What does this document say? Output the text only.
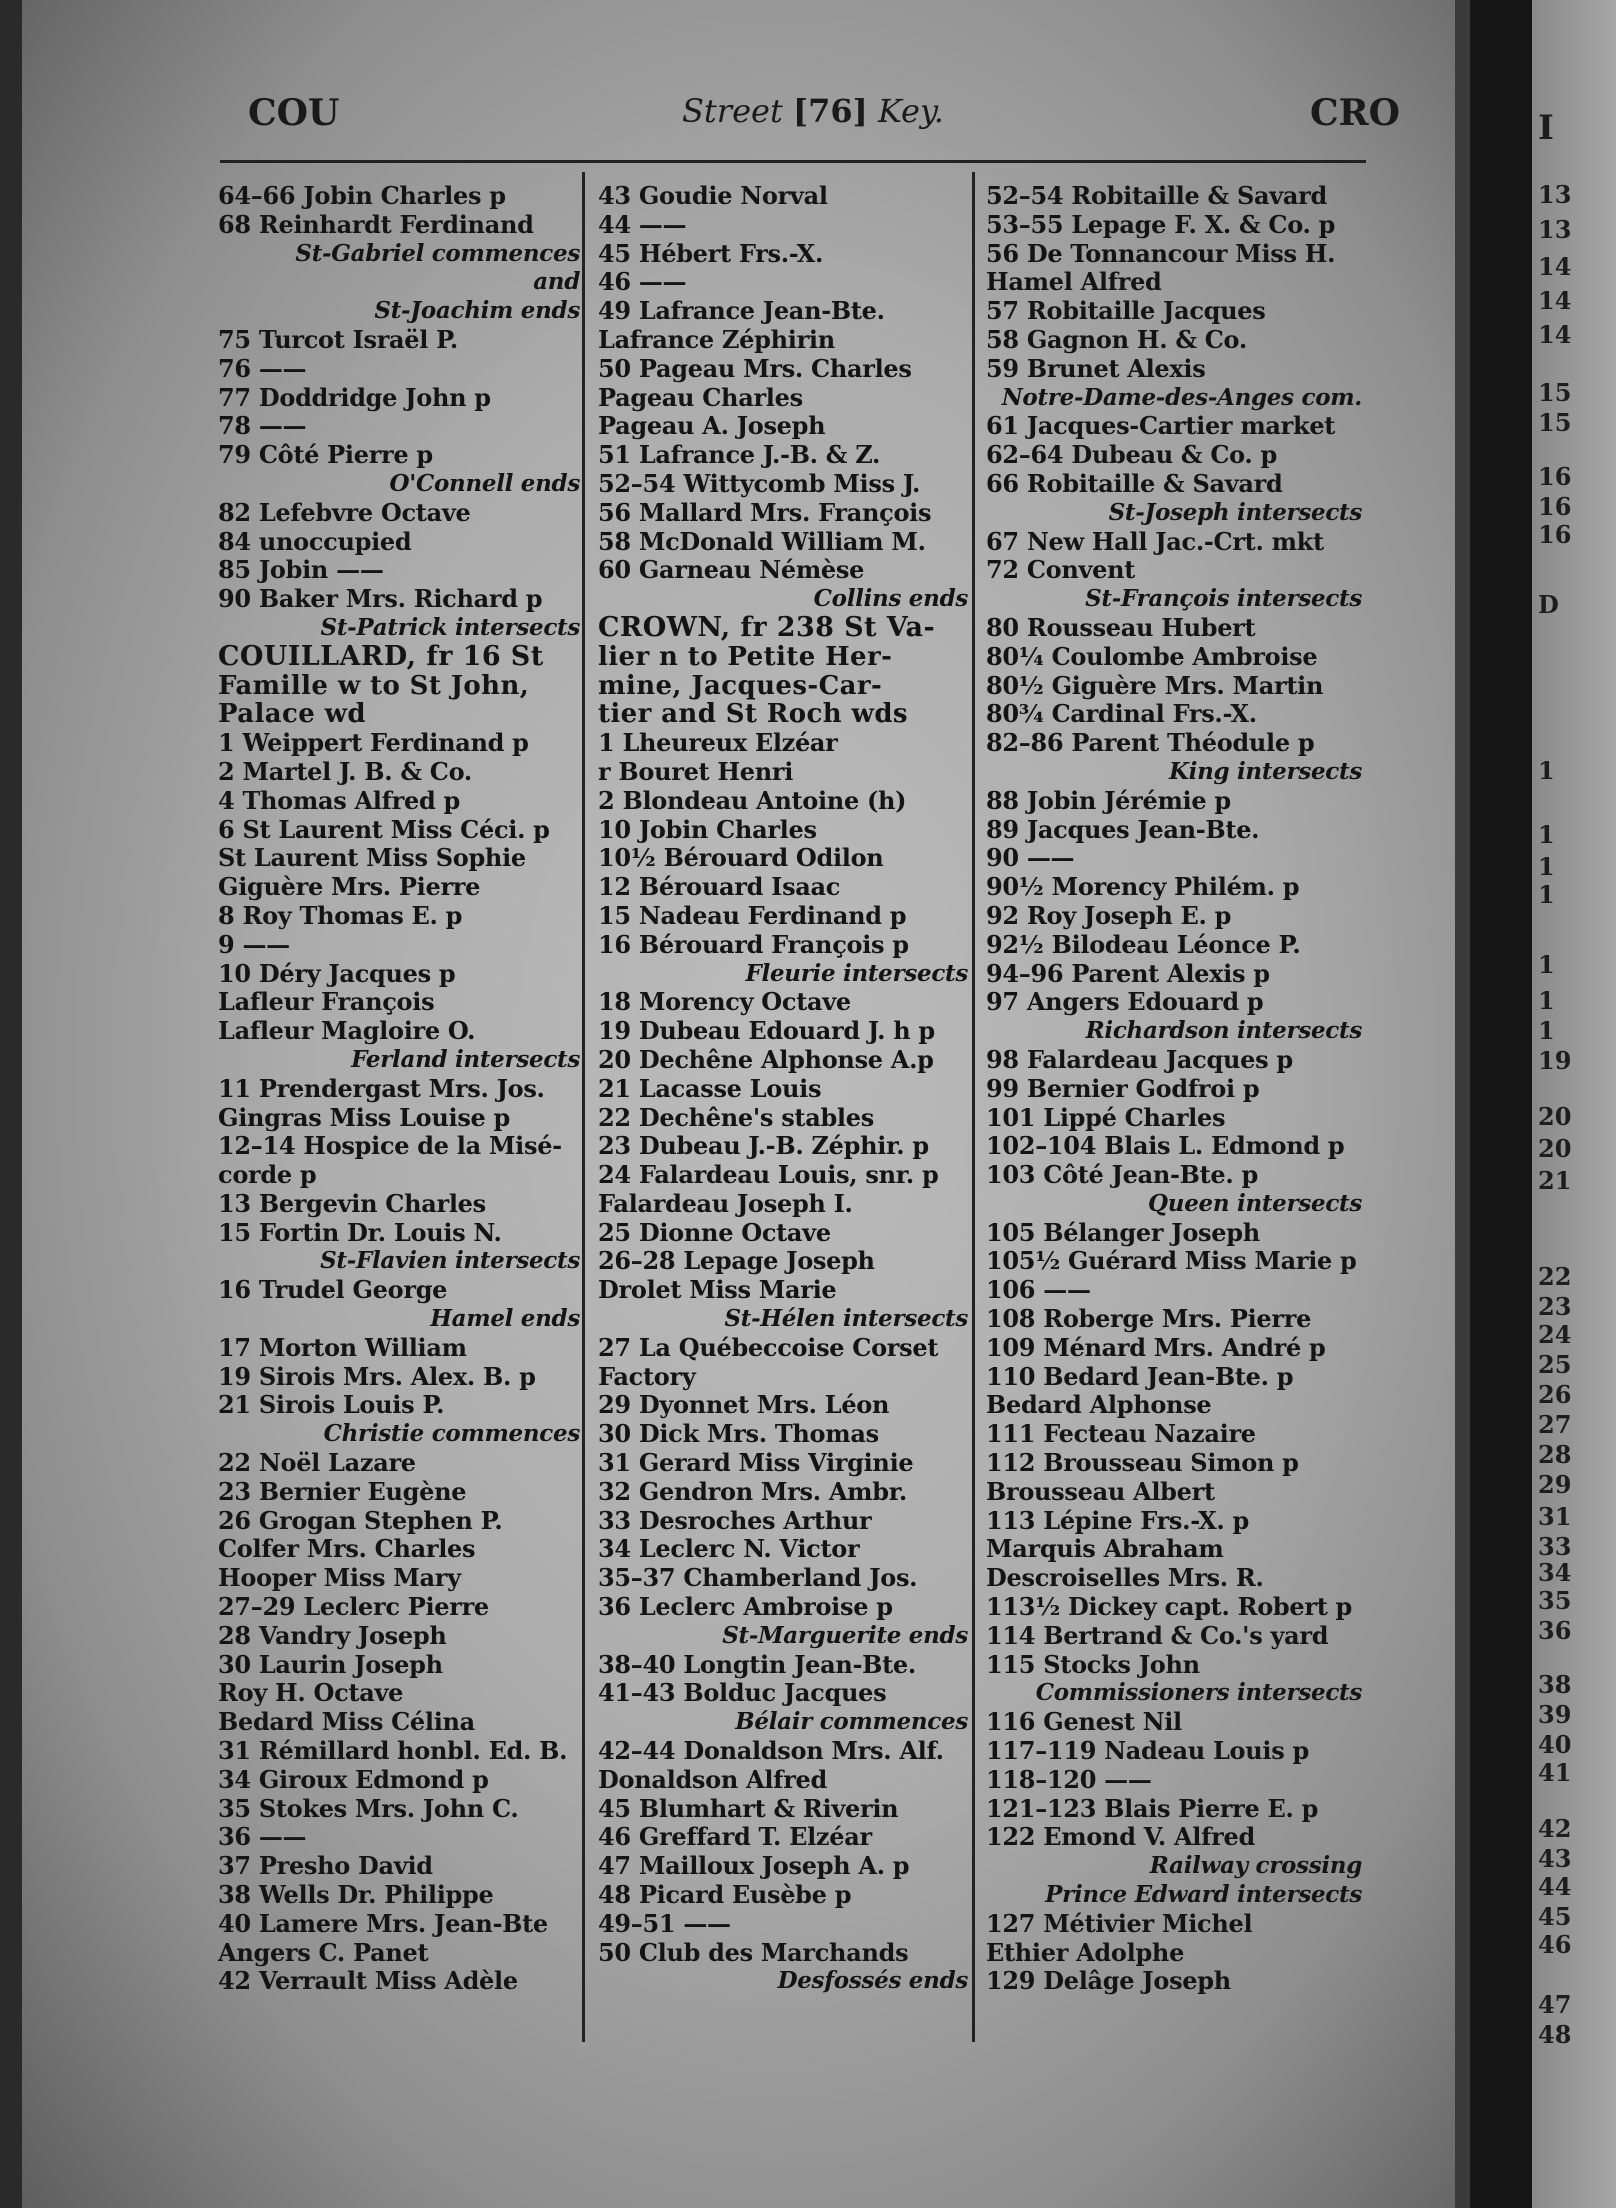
COU	Street [76] Key.	CRO
64–66 Jobin Charles p
68 Reinhardt Ferdinand
St-Gabriel commences
and
St-Joachim ends
75 Turcot Israël P.
76 ——
77 Doddridge John p
78 ——
79 Côté Pierre p
O'Connell ends
82 Lefebvre Octave
84 unoccupied
85 Jobin ——
90 Baker Mrs. Richard p
St-Patrick intersects
COUILLARD, fr 16 St
Famille w to St John,
Palace wd
1 Weippert Ferdinand p
2 Martel J. B. & Co.
4 Thomas Alfred p
6 St Laurent Miss Céci. p
St Laurent Miss Sophie
Giguère Mrs. Pierre
8 Roy Thomas E. p
9 ——
10 Déry Jacques p
Lafleur François
Lafleur Magloire O.
Ferland intersects
11 Prendergast Mrs. Jos.
Gingras Miss Louise p
12–14 Hospice de la Misé-
corde p
13 Bergevin Charles
15 Fortin Dr. Louis N.
St-Flavien intersects
16 Trudel George
Hamel ends
17 Morton William
19 Sirois Mrs. Alex. B. p
21 Sirois Louis P.
Christie commences
22 Noël Lazare
23 Bernier Eugène
26 Grogan Stephen P.
Colfer Mrs. Charles
Hooper Miss Mary
27–29 Leclerc Pierre
28 Vandry Joseph
30 Laurin Joseph
Roy H. Octave
Bedard Miss Célina
31 Rémillard honbl. Ed. B.
34 Giroux Edmond p
35 Stokes Mrs. John C.
36 ——
37 Presho David
38 Wells Dr. Philippe
40 Lamere Mrs. Jean-Bte
Angers C. Panet
42 Verrault Miss Adèle
43 Goudie Norval
44 ——
45 Hébert Frs.-X.
46 ——
49 Lafrance Jean-Bte.
Lafrance Zéphirin
50 Pageau Mrs. Charles
Pageau Charles
Pageau A. Joseph
51 Lafrance J.-B. & Z.
52–54 Wittycomb Miss J.
56 Mallard Mrs. François
58 McDonald William M.
60 Garneau Némèse
Collins ends
CROWN, fr 238 St Va-
lier n to Petite Her-
mine, Jacques-Car-
tier and St Roch wds
1 Lheureux Elzéar
r Bouret Henri
2 Blondeau Antoine (h)
10 Jobin Charles
10½ Bérouard Odilon
12 Bérouard Isaac
15 Nadeau Ferdinand p
16 Bérouard François p
Fleurie intersects
18 Morency Octave
19 Dubeau Edouard J. h p
20 Dechêne Alphonse A.p
21 Lacasse Louis
22 Dechêne's stables
23 Dubeau J.-B. Zéphir. p
24 Falardeau Louis, snr. p
Falardeau Joseph I.
25 Dionne Octave
26–28 Lepage Joseph
Drolet Miss Marie
St-Hélen intersects
27 La Québeccoise Corset
Factory
29 Dyonnet Mrs. Léon
30 Dick Mrs. Thomas
31 Gerard Miss Virginie
32 Gendron Mrs. Ambr.
33 Desroches Arthur
34 Leclerc N. Victor
35–37 Chamberland Jos.
36 Leclerc Ambroise p
St-Marguerite ends
38–40 Longtin Jean-Bte.
41–43 Bolduc Jacques
Bélair commences
42–44 Donaldson Mrs. Alf.
Donaldson Alfred
45 Blumhart & Riverin
46 Greffard T. Elzéar
47 Mailloux Joseph A. p
48 Picard Eusèbe p
49–51 ——
50 Club des Marchands
Desfossés ends
52–54 Robitaille & Savard
53–55 Lepage F. X. & Co. p
56 De Tonnancour Miss H.
Hamel Alfred
57 Robitaille Jacques
58 Gagnon H. & Co.
59 Brunet Alexis
Notre-Dame-des-Anges com.
61 Jacques-Cartier market
62–64 Dubeau & Co. p
66 Robitaille & Savard
St-Joseph intersects
67 New Hall Jac.-Crt. mkt
72 Convent
St-François intersects
80 Rousseau Hubert
80¼ Coulombe Ambroise
80½ Giguère Mrs. Martin
80¾ Cardinal Frs.-X.
82–86 Parent Théodule p
King intersects
88 Jobin Jérémie p
89 Jacques Jean-Bte.
90 ——
90½ Morency Philém. p
92 Roy Joseph E. p
92½ Bilodeau Léonce P.
94–96 Parent Alexis p
97 Angers Edouard p
Richardson intersects
98 Falardeau Jacques p
99 Bernier Godfroi p
101 Lippé Charles
102–104 Blais L. Edmond p
103 Côté Jean-Bte. p
Queen intersects
105 Bélanger Joseph
105½ Guérard Miss Marie p
106 ——
108 Roberge Mrs. Pierre
109 Ménard Mrs. André p
110 Bedard Jean-Bte. p
Bedard Alphonse
111 Fecteau Nazaire
112 Brousseau Simon p
Brousseau Albert
113 Lépine Frs.-X. p
Marquis Abraham
Descroiselles Mrs. R.
113½ Dickey capt. Robert p
114 Bertrand & Co.'s yard
115 Stocks John
Commissioners intersects
116 Genest Nil
117–119 Nadeau Louis p
118–120 ——
121–123 Blais Pierre E. p
122 Emond V. Alfred
Railway crossing
Prince Edward intersects
127 Métivier Michel
Ethier Adolphe
129 Delâge Joseph
I
13
13
14
14
14
15
15
16
16
16
D
1
1
1
1
1
1
1
19
20
20
21
22
23
24
25
26
27
28
29
31
33
34
35
36
38
39
40
41
42
43
44
45
46
47
48
